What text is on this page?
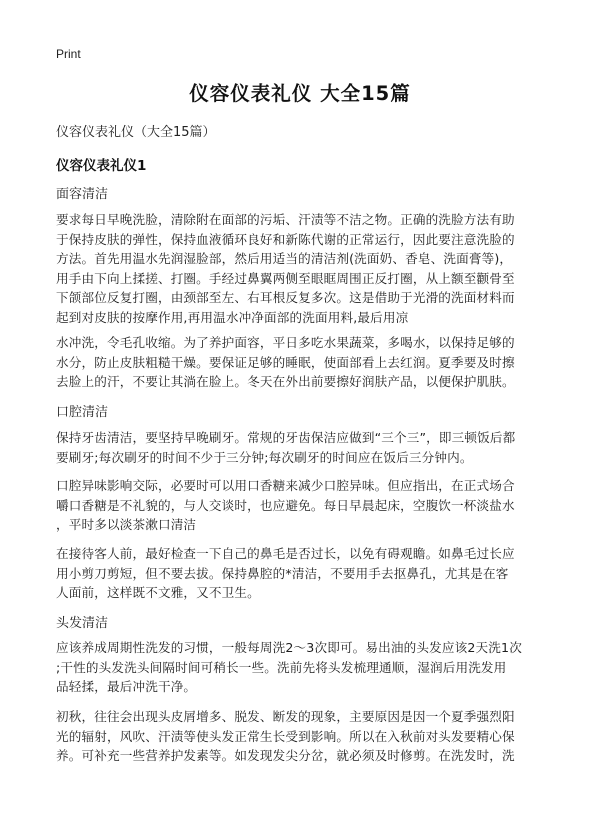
Print
仪容仪表礼仪 大全15篇
仪容仪表礼仪（大全15篇）
仪容仪表礼仪1
面容清洁
要求每日早晚洗脸，清除附在面部的污垢、汗渍等不洁之物。正确的洗脸方法有助
于保持皮肤的弹性，保持血液循环良好和新陈代谢的正常运行，因此要注意洗脸的
方法。首先用温水先润湿脸部，然后用适当的清洁剂(洗面奶、香皂、洗面膏等)，
用手由下向上揉搓、打圈。手经过鼻翼两侧至眼眶周围正反打圈，从上额至颧骨至
下颌部位反复打圈，由颈部至左、右耳根反复多次。这是借助于光滑的洗面材料而
起到对皮肤的按摩作用,再用温水冲净面部的洗面用料,最后用凉
水冲洗，令毛孔收缩。为了养护面容，平日多吃水果蔬菜，多喝水，以保持足够的
水分，防止皮肤粗糙干燥。要保证足够的睡眠，使面部看上去红润。夏季要及时擦
去脸上的汗，不要让其淌在脸上。冬天在外出前要擦好润肤产品，以便保护肌肤。
口腔清洁
保持牙齿清洁，要坚持早晚刷牙。常规的牙齿保洁应做到“三个三”，即三顿饭后都
要刷牙;每次刷牙的时间不少于三分钟;每次刷牙的时间应在饭后三分钟内。
口腔异味影响交际，必要时可以用口香糖来减少口腔异味。但应指出，在正式场合
嚼口香糖是不礼貌的，与人交谈时，也应避免。每日早晨起床，空腹饮一杯淡盐水
，平时多以淡茶漱口清洁
在接待客人前，最好检查一下自己的鼻毛是否过长，以免有碍观瞻。如鼻毛过长应
用小剪刀剪短，但不要去拔。保持鼻腔的*清洁，不要用手去抠鼻孔，尤其是在客
人面前，这样既不文雅，又不卫生。
头发清洁
应该养成周期性洗发的习惯，一般每周洗2～3次即可。易出油的头发应该2天洗1次
;干性的头发洗头间隔时间可稍长一些。洗前先将头发梳理通顺，湿润后用洗发用
品轻揉，最后冲洗干净。
初秋，往往会出现头皮屑增多、脱发、断发的现象，主要原因是因一个夏季强烈阳
光的辐射，风吹、汗渍等使头发正常生长受到影响。所以在入秋前对头发要精心保
养。可补充一些营养护发素等。如发现发尖分岔，就必须及时修剪。在洗发时，洗
